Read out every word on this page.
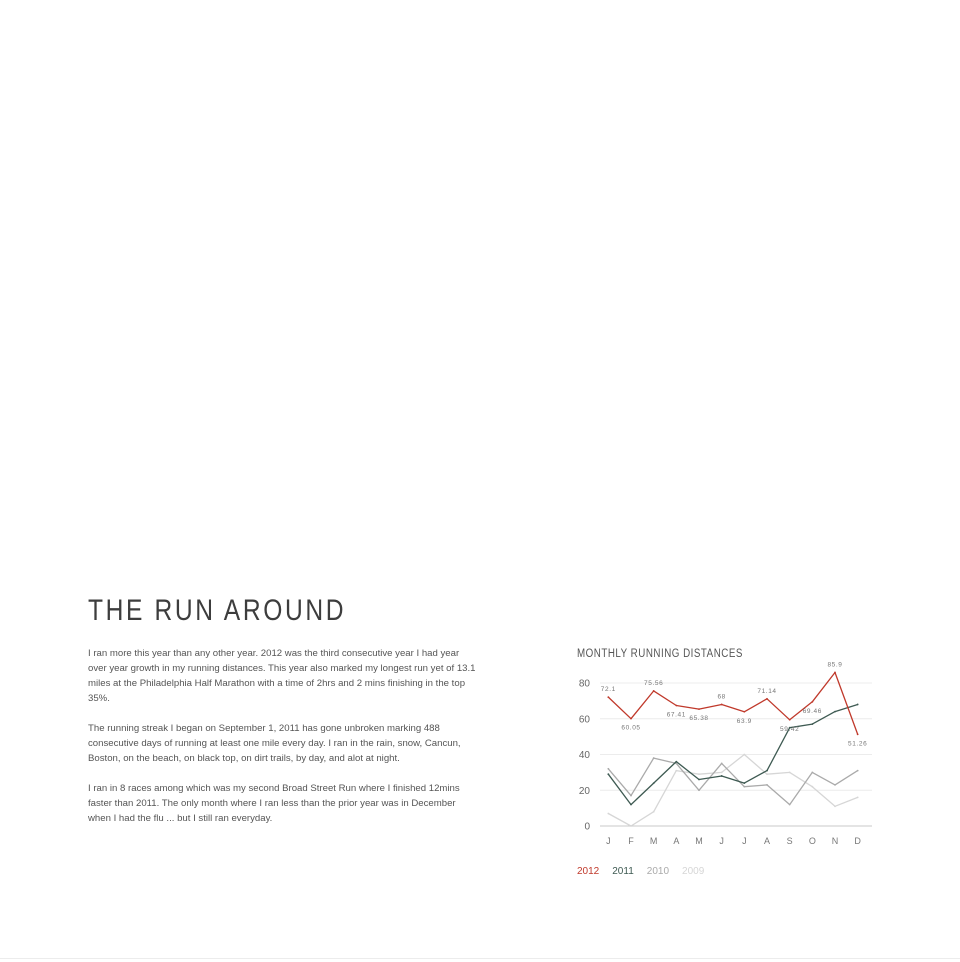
THE RUN AROUND

I ran more this year than any other year. 2012 was the third consecutive year I had year over year growth in my running distances. This year also marked my longest run yet of 13.1 miles at the Philadelphia Half Marathon with a time of 2hrs and 2 mins finishing in the top 35%.

The running streak I began on September 1, 2011 has gone unbroken marking 488 consecutive days of running at least one mile every day. I ran in the rain, snow, Cancun, Boston, on the beach, on black top, on dirt trails, by day, and alot at night.

I ran in 8 races among which was my second Broad Street Run where I finished 12mins faster than 2011. The only month where I ran less than the prior year was in December when I had the flu ... but I still ran everyday.

MONTHLY RUNNING DISTANCES
0
20
40
60
80
J F M A M J J A S O N D
72.1
60.05
75.56
67.41
65.38
68
63.9
71.14
59.42
69.46
85.9
51.26
2012 2011 2010 2009
